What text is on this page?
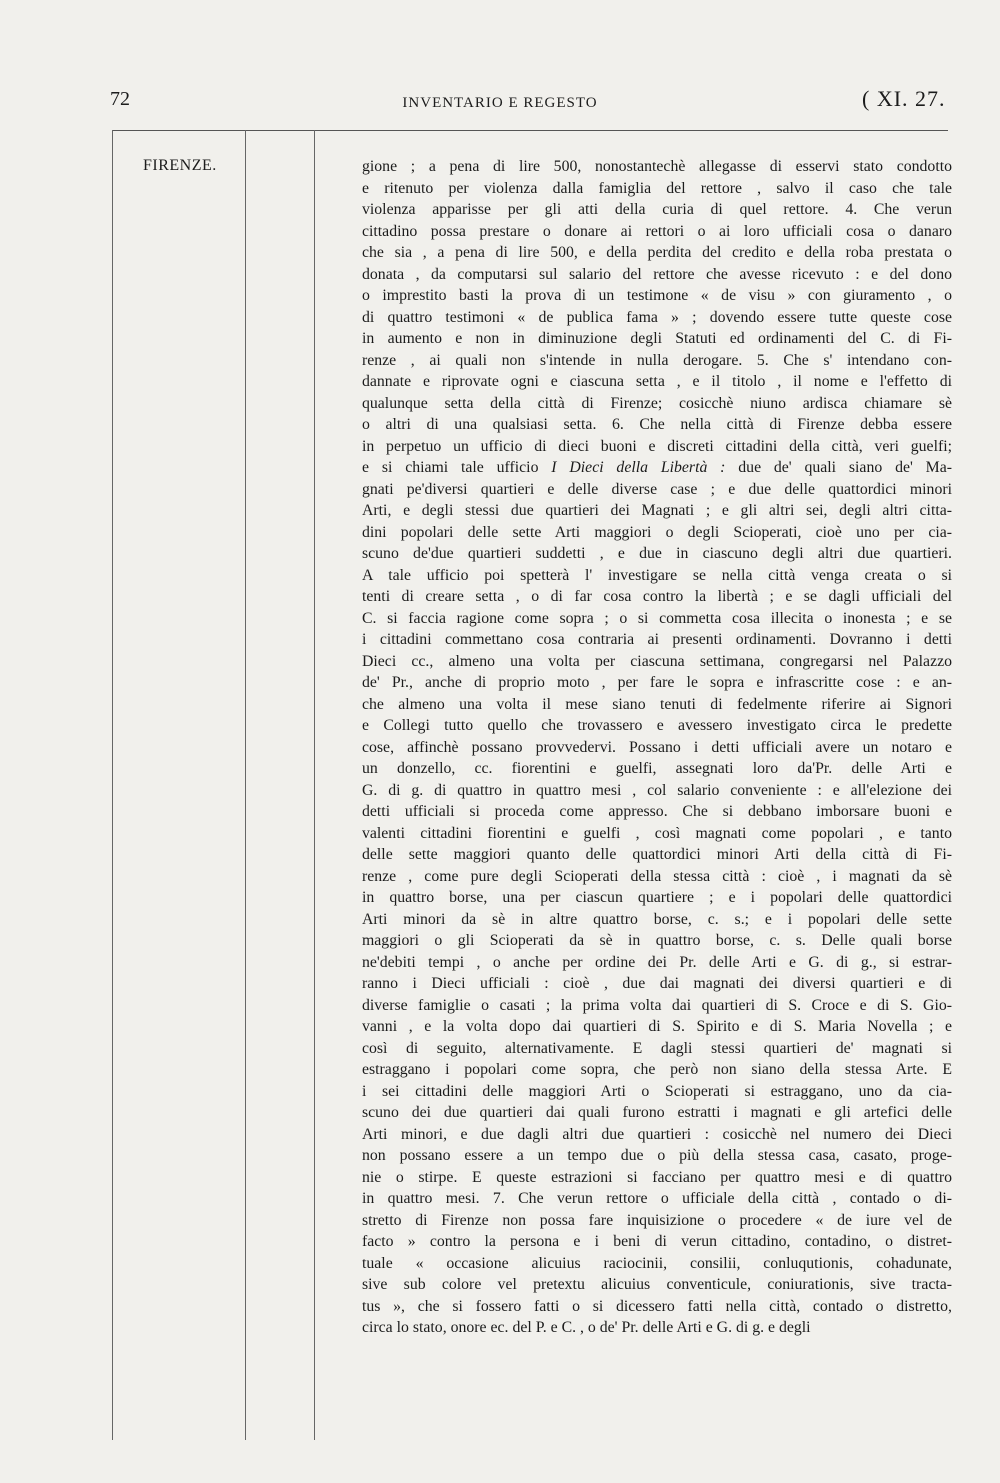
72	INVENTARIO E REGESTO	( XI. 27.
FIRENZE.	gione ; a pena di lire 500, nonostantechè allegasse di esservi stato condotto
e ritenuto per violenza dalla famiglia del rettore , salvo il caso che tale
violenza apparisse per gli atti della curia di quel rettore. 4. Che verun
cittadino possa prestare o donare ai rettori o ai loro ufficiali cosa o danaro
che sia , a pena di lire 500, e della perdita del credito e della roba prestata o
donata , da computarsi sul salario del rettore che avesse ricevuto : e del dono
o imprestito basti la prova di un testimone « de visu » con giuramento , o
di quattro testimoni « de publica fama » ; dovendo essere tutte queste cose
in aumento e non in diminuzione degli Statuti ed ordinamenti del C. di Fi-
renze , ai quali non s'intende in nulla derogare. 5. Che s' intendano con-
dannate e riprovate ogni e ciascuna setta , e il titolo , il nome e l'effetto di
qualunque setta della città di Firenze; cosicchè niuno ardisca chiamare sè
o altri di una qualsiasi setta. 6. Che nella città di Firenze debba essere
in perpetuo un ufficio di dieci buoni e discreti cittadini della città, veri guelfi;
e si chiami tale ufficio I Dieci della Libertà : due de' quali siano de' Ma-
gnati pe'diversi quartieri e delle diverse case ; e due delle quattordici minori
Arti, e degli stessi due quartieri dei Magnati ; e gli altri sei, degli altri citta-
dini popolari delle sette Arti maggiori o degli Scioperati, cioè uno per cia-
scuno de'due quartieri suddetti , e due in ciascuno degli altri due quartieri.
A tale ufficio poi spetterà l' investigare se nella città venga creata o si
tenti di creare setta , o di far cosa contro la libertà ; e se dagli ufficiali del
C. si faccia ragione come sopra ; o si commetta cosa illecita o inonesta ; e se
i cittadini commettano cosa contraria ai presenti ordinamenti. Dovranno i detti
Dieci cc., almeno una volta per ciascuna settimana, congregarsi nel Palazzo
de' Pr., anche di proprio moto , per fare le sopra e infrascritte cose : e an-
che almeno una volta il mese siano tenuti di fedelmente riferire ai Signori
e Collegi tutto quello che trovassero e avessero investigato circa le predette
cose, affinchè possano provvedervi. Possano i detti ufficiali avere un notaro e
un donzello, cc. fiorentini e guelfi, assegnati loro da'Pr. delle Arti e
G. di g. di quattro in quattro mesi , col salario conveniente : e all'elezione dei
detti ufficiali si proceda come appresso. Che si debbano imborsare buoni e
valenti cittadini fiorentini e guelfi , così magnati come popolari , e tanto
delle sette maggiori quanto delle quattordici minori Arti della città di Fi-
renze , come pure degli Scioperati della stessa città : cioè , i magnati da sè
in quattro borse, una per ciascun quartiere ; e i popolari delle quattordici
Arti minori da sè in altre quattro borse, c. s.; e i popolari delle sette
maggiori o gli Scioperati da sè in quattro borse, c. s. Delle quali borse
ne'debiti tempi , o anche per ordine dei Pr. delle Arti e G. di g., si estrar-
ranno i Dieci ufficiali : cioè , due dai magnati dei diversi quartieri e di
diverse famiglie o casati ; la prima volta dai quartieri di S. Croce e di S. Gio-
vanni , e la volta dopo dai quartieri di S. Spirito e di S. Maria Novella ; e
così di seguito, alternativamente. E dagli stessi quartieri de' magnati si
estraggano i popolari come sopra, che però non siano della stessa Arte. E
i sei cittadini delle maggiori Arti o Scioperati si estraggano, uno da cia-
scuno dei due quartieri dai quali furono estratti i magnati e gli artefici delle
Arti minori, e due dagli altri due quartieri : cosicchè nel numero dei Dieci
non possano essere a un tempo due o più della stessa casa, casato, proge-
nie o stirpe. E queste estrazioni si facciano per quattro mesi e di quattro
in quattro mesi. 7. Che verun rettore o ufficiale della città , contado o di-
stretto di Firenze non possa fare inquisizione o procedere « de iure vel de
facto » contro la persona e i beni di verun cittadino, contadino, o distret-
tuale « occasione alicuius raciocinii, consilii, conluqutionis, cohadunate,
sive sub colore vel pretextu alicuius conventicule, coniurationis, sive tractа-
tus », che si fossero fatti o si dicessero fatti nella città, contado o distretto,
circa lo stato, onore ec. del P. e C. , o de' Pr. delle Arti e G. di g. e degli
